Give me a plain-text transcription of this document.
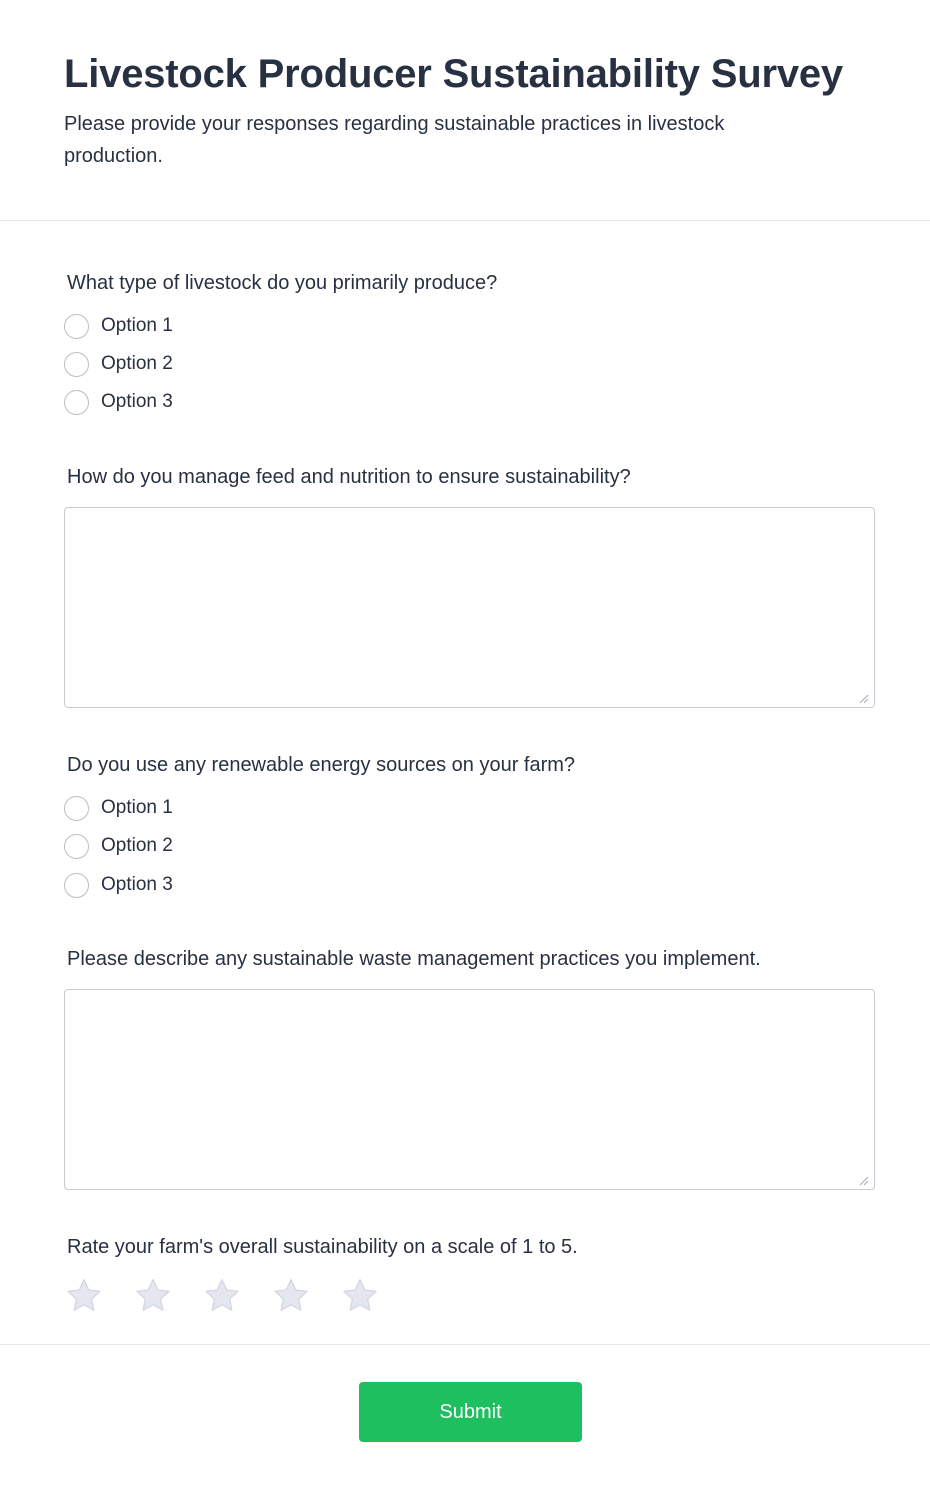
Livestock Producer Sustainability Survey

Please provide your responses regarding sustainable practices in livestock production.

What type of livestock do you primarily produce?
Option 1
Option 2
Option 3
How do you manage feed and nutrition to ensure sustainability?
Do you use any renewable energy sources on your farm?
Option 1
Option 2
Option 3
Please describe any sustainable waste management practices you implement.
Rate your farm's overall sustainability on a scale of 1 to 5.
Submit
